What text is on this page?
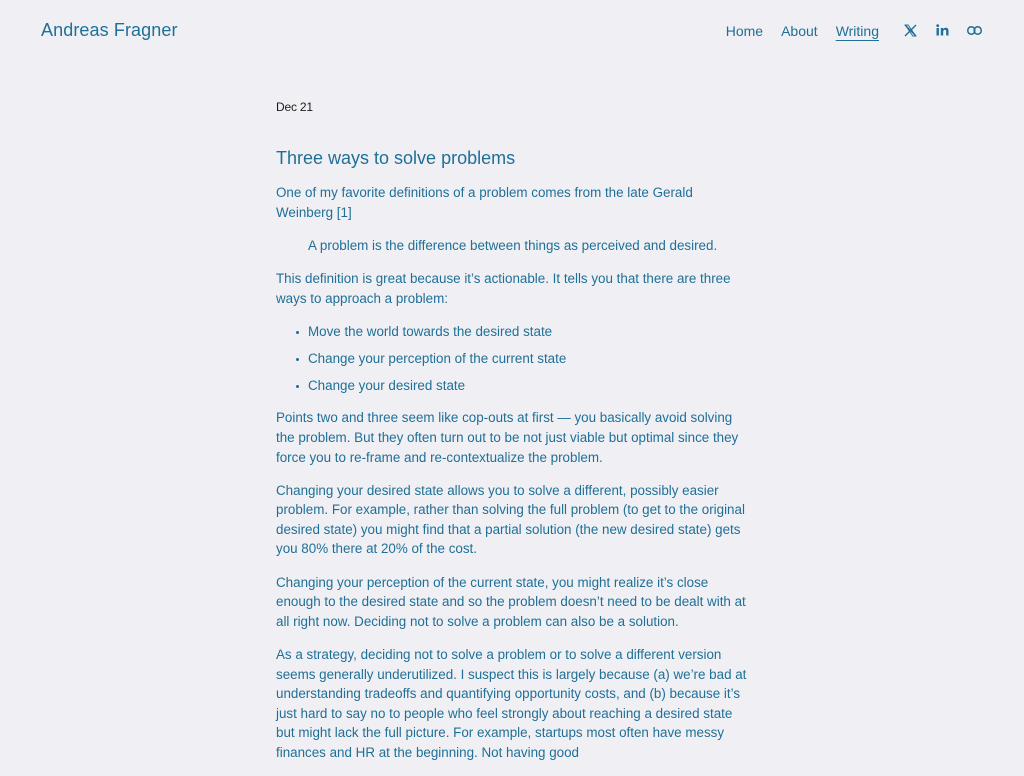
Andreas Fragner	Home About Writing
Dec 21
Three ways to solve problems

One of my favorite definitions of a problem comes from the late Gerald Weinberg [1]

A problem is the difference between things as perceived and desired.

This definition is great because it’s actionable. It tells you that there are three ways to approach a problem:

Move the world towards the desired state
Change your perception of the current state
Change your desired state

Points two and three seem like cop-outs at first — you basically avoid solving the problem. But they often turn out to be not just viable but optimal since they force you to re-frame and re-contextualize the problem.

Changing your desired state allows you to solve a different, possibly easier problem. For example, rather than solving the full problem (to get to the original desired state) you might find that a partial solution (the new desired state) gets you 80% there at 20% of the cost.

Changing your perception of the current state, you might realize it’s close enough to the desired state and so the problem doesn’t need to be dealt with at all right now. Deciding not to solve a problem can also be a solution.

As a strategy, deciding not to solve a problem or to solve a different version seems generally underutilized. I suspect this is largely because (a) we’re bad at understanding tradeoffs and quantifying opportunity costs, and (b) because it’s just hard to say no to people who feel strongly about reaching a desired state but might lack the full picture. For example, startups most often have messy finances and HR at the beginning. Not having good
